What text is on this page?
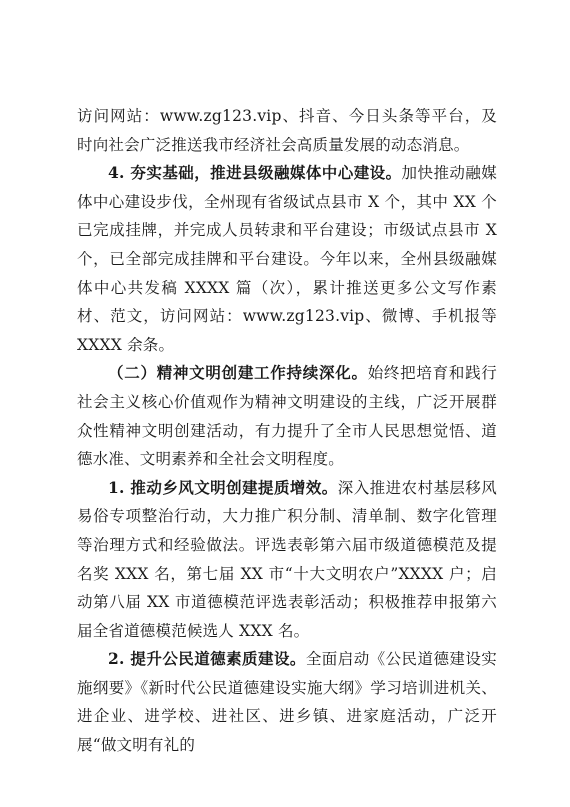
访问网站：www.zg123.vip、抖音、今日头条等平台，及时向社会广泛推送我市经济社会高质量发展的动态消息。

4. 夯实基础，推进县级融媒体中心建设。加快推动融媒体中心建设步伐，全州现有省级试点县市 X 个，其中 XX 个已完成挂牌，并完成人员转隶和平台建设；市级试点县市 X 个，已全部完成挂牌和平台建设。今年以来，全州县级融媒体中心共发稿 XXXX 篇（次），累计推送更多公文写作素材、范文，访问网站：www.zg123.vip、微博、手机报等 XXXX 余条。

（二）精神文明创建工作持续深化。始终把培育和践行社会主义核心价值观作为精神文明建设的主线，广泛开展群众性精神文明创建活动，有力提升了全市人民思想觉悟、道德水准、文明素养和全社会文明程度。

1. 推动乡风文明创建提质增效。深入推进农村基层移风易俗专项整治行动，大力推广积分制、清单制、数字化管理等治理方式和经验做法。评选表彰第六届市级道德模范及提名奖 XXX 名，第七届 XX 市“十大文明农户”XXXX 户；启动第八届 XX 市道德模范评选表彰活动；积极推荐申报第六届全省道德模范候选人 XXX 名。

2. 提升公民道德素质建设。全面启动《公民道德建设实施纲要》《新时代公民道德建设实施大纲》学习培训进机关、进企业、进学校、进社区、进乡镇、进家庭活动，广泛开展“做文明有礼的
